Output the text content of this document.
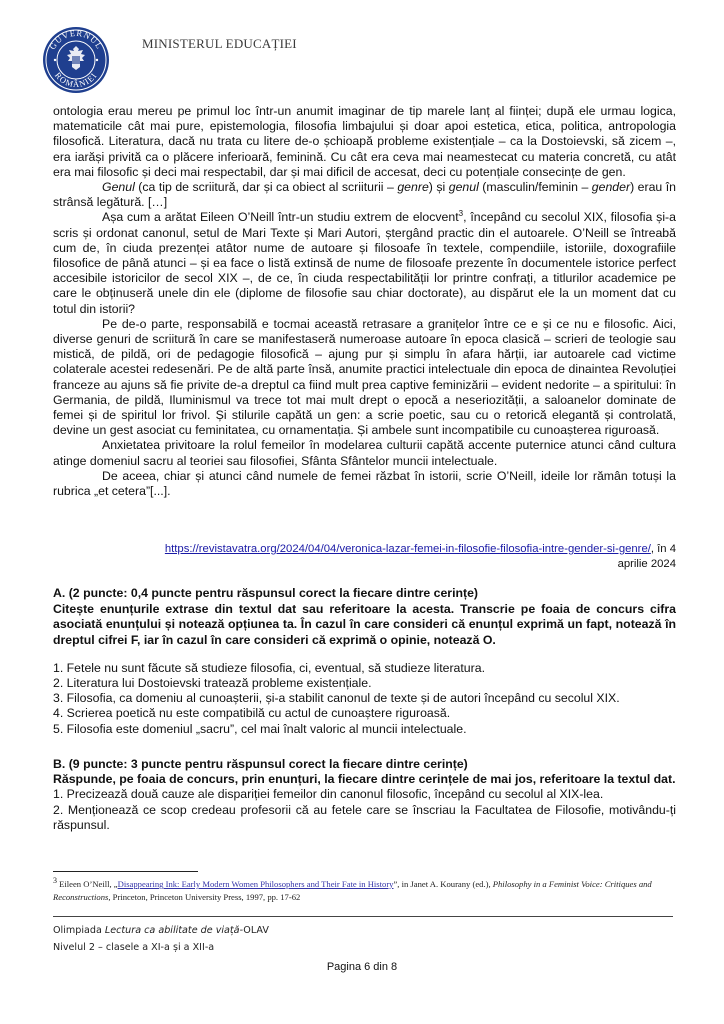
GUVERNUL
ROMÂNIEI
MINISTERUL EDUCAȚIEI

ontologia erau mereu pe primul loc într-un anumit imaginar de tip marele lanț al ființei; după ele urmau logica, matematicile cât mai pure, epistemologia, filosofia limbajului și doar apoi estetica, etica, politica, antropologia filosofică. Literatura, dacă nu trata cu litere de-o șchioapă probleme existențiale – ca la Dostoievski, să zicem –, era iarăși privită ca o plăcere inferioară, feminină. Cu cât era ceva mai neamestecat cu materia concretă, cu atât era mai filosofic și deci mai respectabil, dar și mai dificil de accesat, deci cu potențiale consecințe de gen.

Genul (ca tip de scriitură, dar și ca obiect al scriiturii – genre) și genul (masculin/feminin – gender) erau în strânsă legătură. […]

Așa cum a arătat Eileen O’Neill într-un studiu extrem de elocvent$^3$, începând cu secolul XIX, filosofia și-a scris și ordonat canonul, setul de Mari Texte și Mari Autori, ștergând practic din el autoarele. O’Neill se întreabă cum de, în ciuda prezenței atâtor nume de autoare și filosoafe în textele, compendiile, istoriile, doxografiile filosofice de până atunci – și ea face o listă extinsă de nume de filosoafe prezente în documentele istorice perfect accesibile istoricilor de secol XIX –, de ce, în ciuda respectabilității lor printre confrați, a titlurilor academice pe care le obținuseră unele din ele (diplome de filosofie sau chiar doctorate), au dispărut ele la un moment dat cu totul din istorii?

Pe de-o parte, responsabilă e tocmai această retrasare a granițelor între ce e și ce nu e filosofic. Aici, diverse genuri de scriitură în care se manifestaseră numeroase autoare în epoca clasică – scrieri de teologie sau mistică, de pildă, ori de pedagogie filosofică – ajung pur și simplu în afara hărții, iar autoarele cad victime colaterale acestei redesenări. Pe de altă parte însă, anumite practici intelectuale din epoca de dinaintea Revoluției franceze au ajuns să fie privite de-a dreptul ca fiind mult prea captive feminizării – evident nedorite – a spiritului: în Germania, de pildă, Iluminismul va trece tot mai mult drept o epocă a neseriozității, a saloanelor dominate de femei și de spiritul lor frivol. Și stilurile capătă un gen: a scrie poetic, sau cu o retorică elegantă și controlată, devine un gest asociat cu feminitatea, cu ornamentația. Și ambele sunt incompatibile cu cunoașterea riguroasă.

Anxietatea privitoare la rolul femeilor în modelarea culturii capătă accente puternice atunci când cultura atinge domeniul sacru al teoriei sau filosofiei, Sfânta Sfântelor muncii intelectuale.

De aceea, chiar și atunci când numele de femei răzbat în istorii, scrie O’Neill, ideile lor rămân totuși la rubrica „et cetera”[...].

https://revistavatra.org/2024/04/04/veronica-lazar-femei-in-filosofie-filosofia-intre-gender-si-genre/, în 4 aprilie 2024
A. (2 puncte: 0,4 puncte pentru răspunsul corect la fiecare dintre cerințe)
Citește enunțurile extrase din textul dat sau referitoare la acesta. Transcrie pe foaia de concurs cifra asociată enunțului și notează opțiunea ta. În cazul în care consideri că enunțul exprimă un fapt, notează în dreptul cifrei F, iar în cazul în care consideri că exprimă o opinie, notează O.
1. Fetele nu sunt făcute să studieze filosofia, ci, eventual, să studieze literatura.
2. Literatura lui Dostoievski tratează probleme existențiale.
3. Filosofia, ca domeniu al cunoașterii, și-a stabilit canonul de texte și de autori începând cu secolul XIX.
4. Scrierea poetică nu este compatibilă cu actul de cunoaștere riguroasă.
5. Filosofia este domeniul „sacru”, cel mai înalt valoric al muncii intelectuale.
B. (9 puncte: 3 puncte pentru răspunsul corect la fiecare dintre cerințe)
Răspunde, pe foaia de concurs, prin enunțuri, la fiecare dintre cerințele de mai jos, referitoare la textul dat.
1. Precizează două cauze ale dispariției femeilor din canonul filosofic, începând cu secolul al XIX-lea.
2. Menționează ce scop credeau profesorii că au fetele care se înscriau la Facultatea de Filosofie, motivându-ți răspunsul.
$^3$ Eileen O’Neill, „Disappearing Ink: Early Modern Women Philosophers and Their Fate in History”, in Janet A. Kourany (ed.), Philosophy in a Feminist Voice: Critiques and Reconstructions, Princeton, Princeton University Press, 1997, pp. 17-62
Olimpiada Lectura ca abilitate de viață-OLAV
Nivelul 2 – clasele a XI-a și a XII-a
Pagina 6 din 8
